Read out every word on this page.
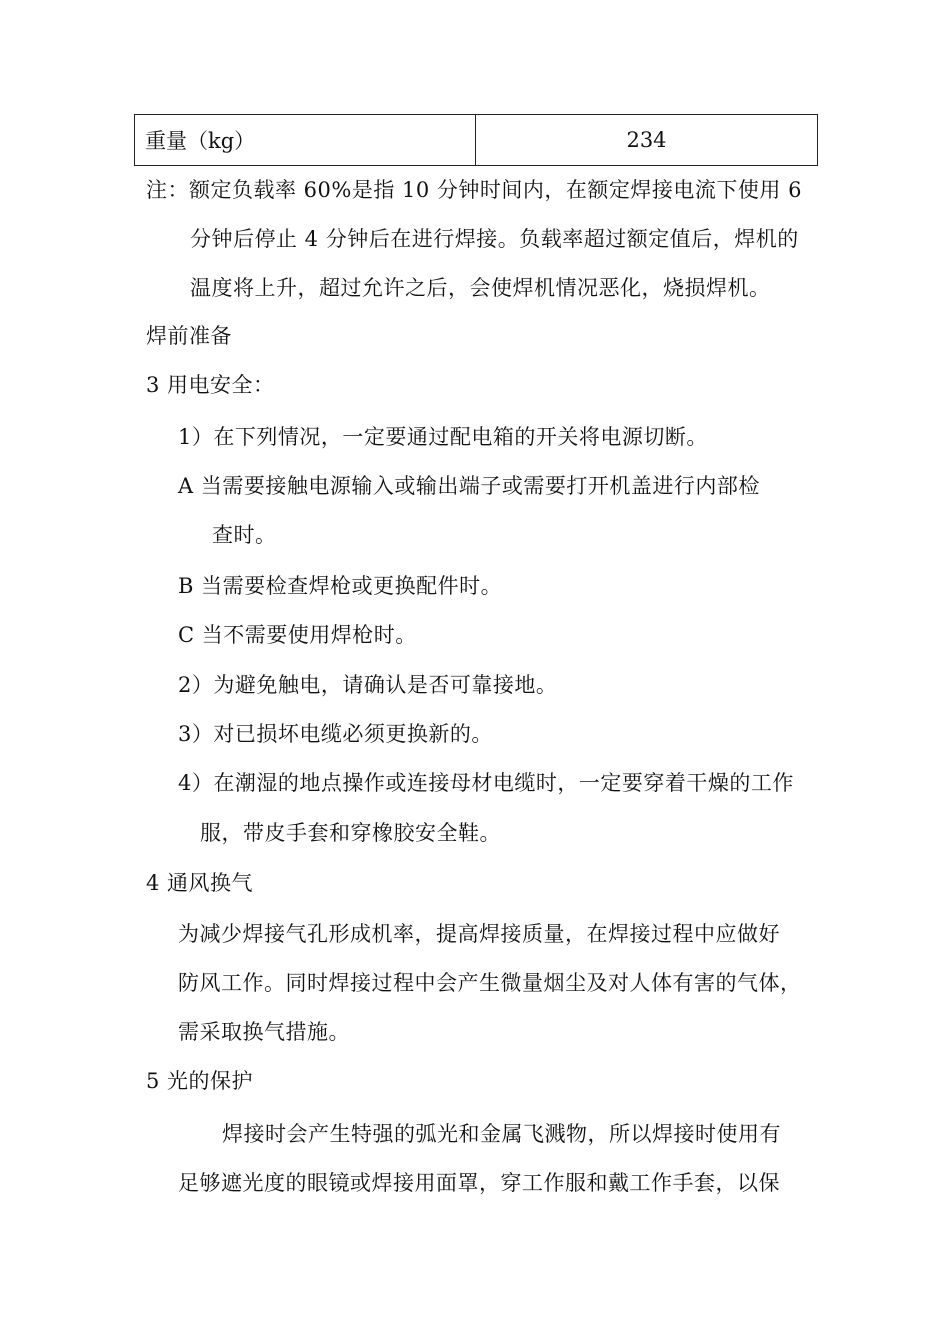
重量（kg）	234
注：额定负载率 60%是指 10 分钟时间内，在额定焊接电流下使用 6
分钟后停止 4 分钟后在进行焊接。负载率超过额定值后，焊机的
温度将上升，超过允许之后，会使焊机情况恶化，烧损焊机。
焊前准备
3 用电安全：
1）在下列情况，一定要通过配电箱的开关将电源切断。
A 当需要接触电源输入或输出端子或需要打开机盖进行内部检
查时。
B 当需要检查焊枪或更换配件时。
C 当不需要使用焊枪时。
2）为避免触电，请确认是否可靠接地。
3）对已损坏电缆必须更换新的。
4）在潮湿的地点操作或连接母材电缆时，一定要穿着干燥的工作
服，带皮手套和穿橡胶安全鞋。
4 通风换气
为减少焊接气孔形成机率，提高焊接质量，在焊接过程中应做好
防风工作。同时焊接过程中会产生微量烟尘及对人体有害的气体，
需采取换气措施。
5 光的保护
焊接时会产生特强的弧光和金属飞溅物，所以焊接时使用有
足够遮光度的眼镜或焊接用面罩，穿工作服和戴工作手套，以保
